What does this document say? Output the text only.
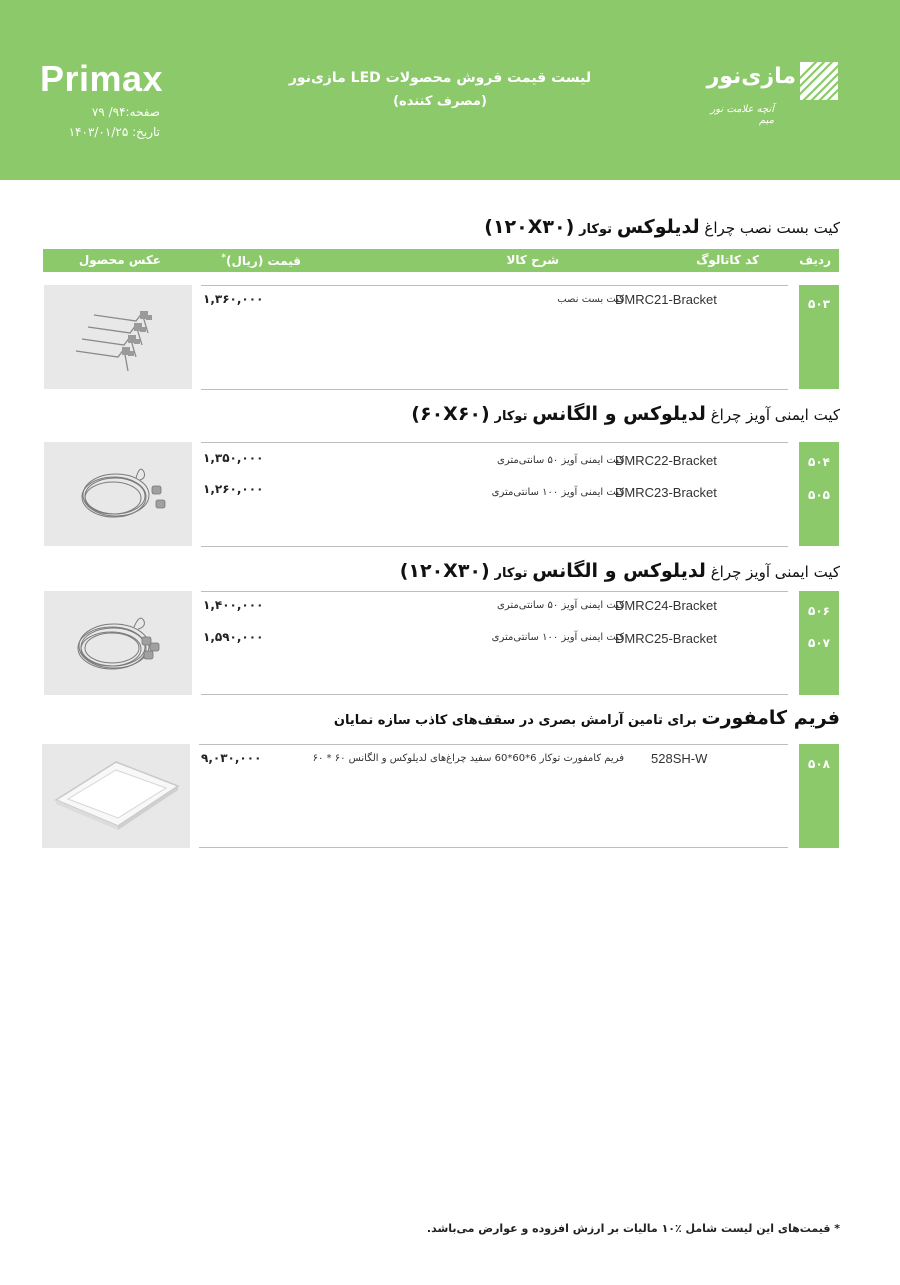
Primax
صفحه:۹۴/ ۷۹
تاریخ: ۱۴۰۳/۰۱/۲۵
لیست قیمت فروش محصولات LED مازی‌نور
(مصرف کننده)
مازی‌نور
آنچه علامت نور میم
کیت بست نصب چراغ لدیلوکس توکار (۱۲۰X۳۰)
ردیف
کد کاتالوگ
شرح کالا
قیمت (ریال)*
عکس محصول
۵۰۳
DMRC21-Bracket
کیت بست نصب
۱,۳۶۰,۰۰۰
کیت ایمنی آویز چراغ لدیلوکس و الگانس توکار (۶۰X۶۰)
۵۰۴
۵۰۵
DMRC22-Bracket
DMRC23-Bracket
کیت ایمنی آویز ۵۰ سانتی‌متری
کیت ایمنی آویز ۱۰۰ سانتی‌متری
۱,۳۵۰,۰۰۰
۱,۲۶۰,۰۰۰
کیت ایمنی آویز چراغ لدیلوکس و الگانس توکار (۱۲۰X۳۰)
۵۰۶
۵۰۷
DMRC24-Bracket
DMRC25-Bracket
کیت ایمنی آویز ۵۰ سانتی‌متری
کیت ایمنی آویز ۱۰۰ سانتی‌متری
۱,۴۰۰,۰۰۰
۱,۵۹۰,۰۰۰
فریم کامفورت برای تامین آرامش بصری در سقف‌های کاذب سازه نمایان
۵۰۸
528SH-W
فریم کامفورت توکار 6*60*60 سفید چراغ‌های لدیلوکس و الگانس ۶۰ * ۶۰
۹,۰۳۰,۰۰۰
* قیمت‌های این لیست شامل ٪۱۰ مالیات بر ارزش افزوده و عوارض می‌باشد.
